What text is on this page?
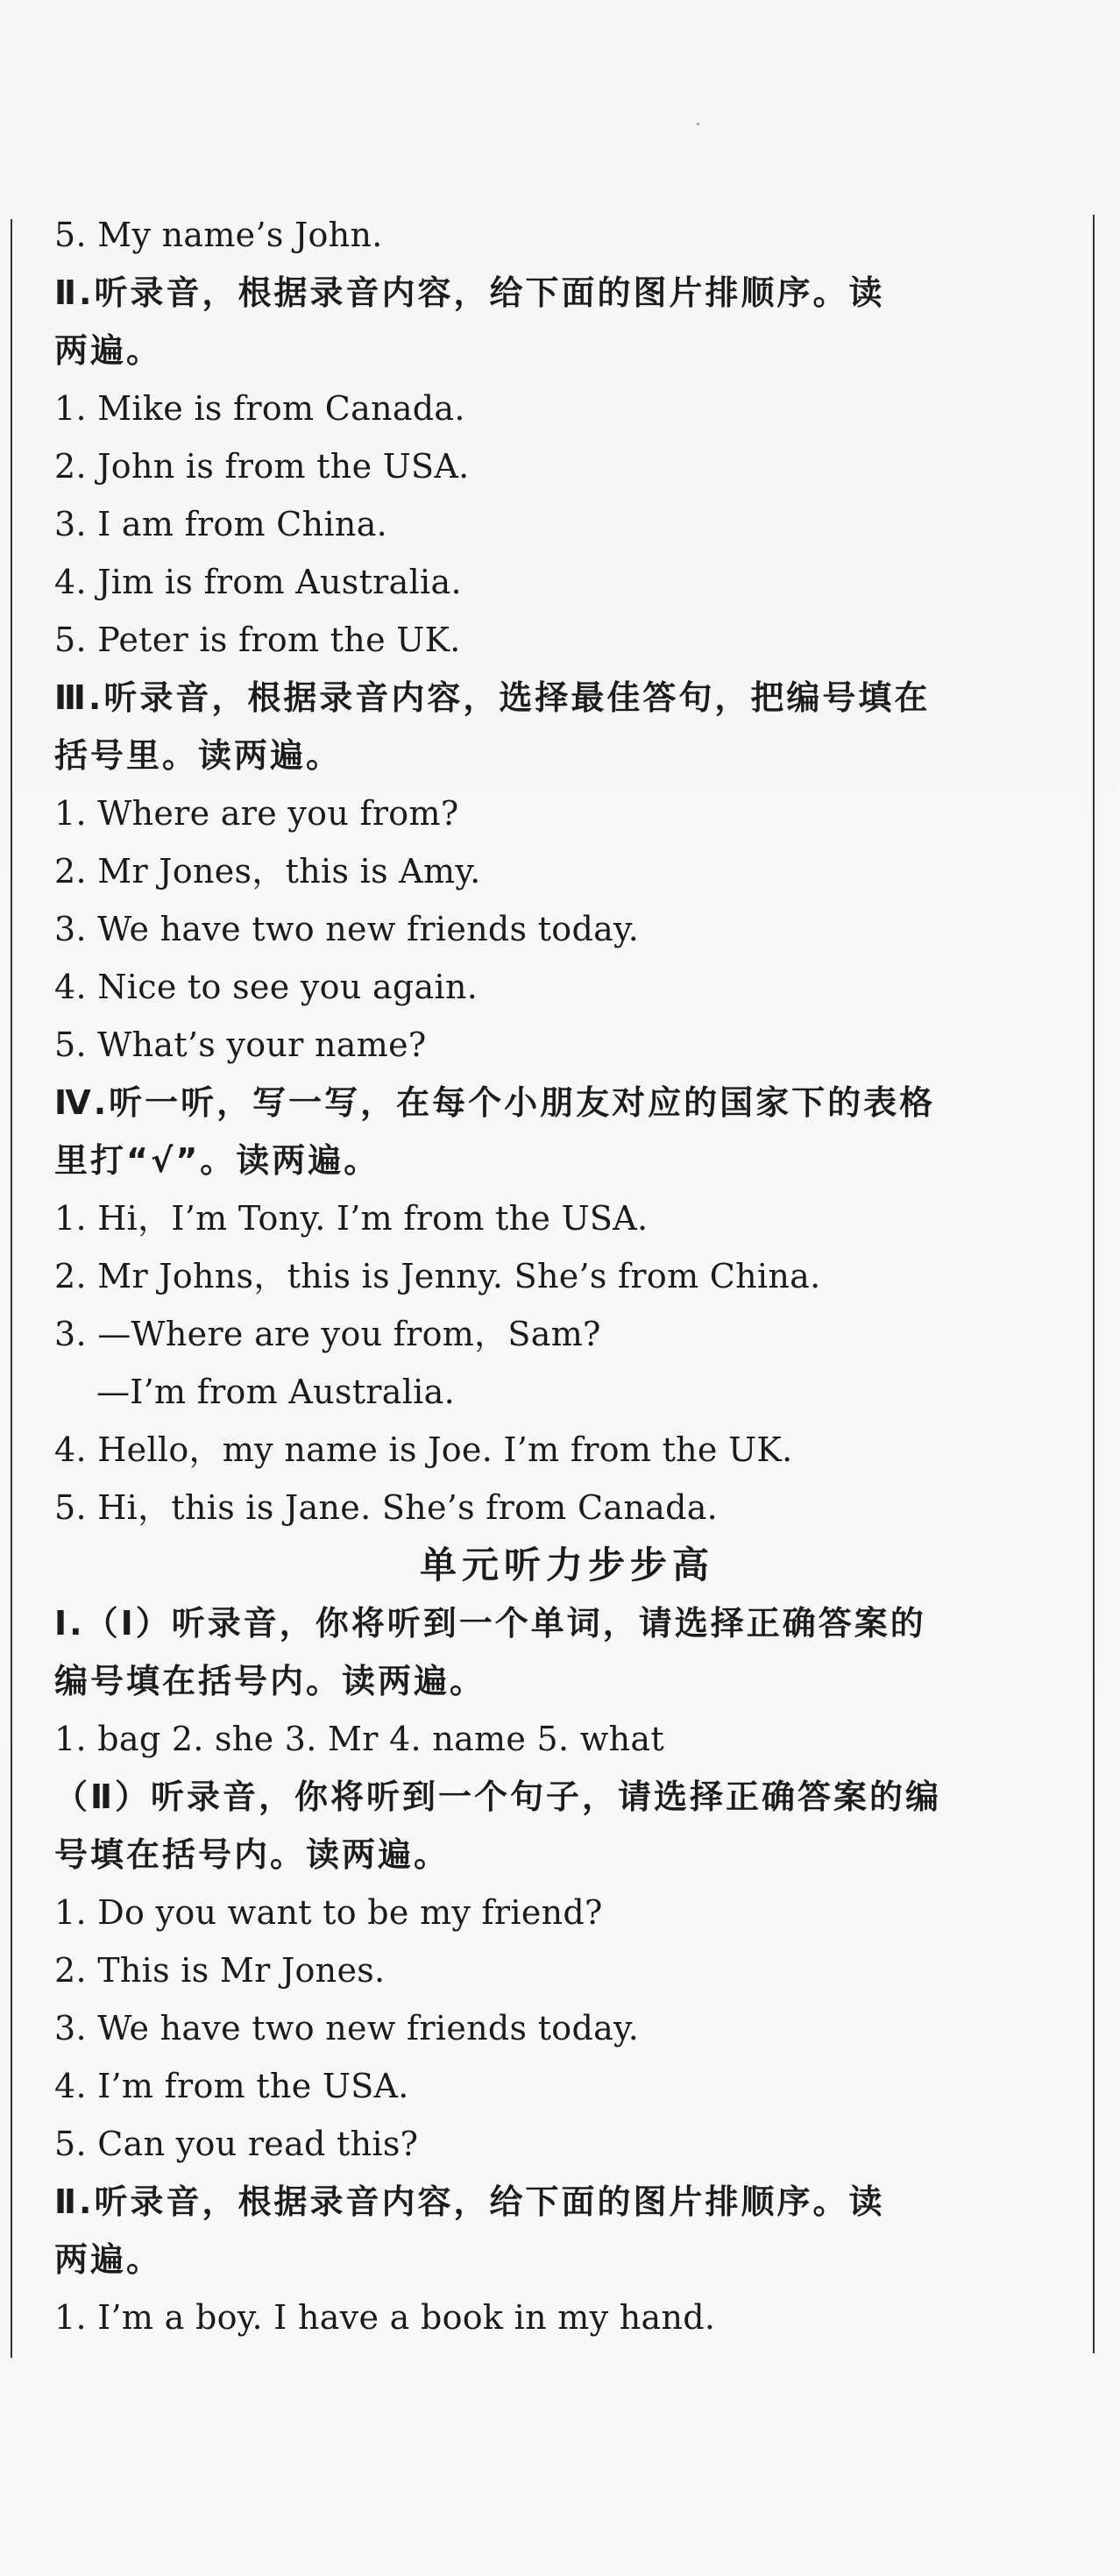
5. My name’s John.
Ⅱ.听录音，根据录音内容，给下面的图片排顺序。读
两遍。
1. Mike is from Canada.
2. John is from the USA.
3. I am from China.
4. Jim is from Australia.
5. Peter is from the UK.
Ⅲ.听录音，根据录音内容，选择最佳答句，把编号填在
括号里。读两遍。
1. Where are you from?
2. Mr Jones，this is Amy.
3. We have two new friends today.
4. Nice to see you again.
5. What’s your name?
Ⅳ.听一听，写一写，在每个小朋友对应的国家下的表格
里打“√”。读两遍。
1. Hi，I’m Tony. I’m from the USA.
2. Mr Johns，this is Jenny. She’s from China.
3. —Where are you from，Sam?
—I’m from Australia.
4. Hello，my name is Joe. I’m from the UK.
5. Hi，this is Jane. She’s from Canada.
单元听力步步高
Ⅰ.（Ⅰ）听录音，你将听到一个单词，请选择正确答案的
编号填在括号内。读两遍。
1. bag 2. she 3. Mr 4. name 5. what
（Ⅱ）听录音，你将听到一个句子，请选择正确答案的编
号填在括号内。读两遍。
1. Do you want to be my friend?
2. This is Mr Jones.
3. We have two new friends today.
4. I’m from the USA.
5. Can you read this?
Ⅱ.听录音，根据录音内容，给下面的图片排顺序。读
两遍。
1. I’m a boy. I have a book in my hand.
